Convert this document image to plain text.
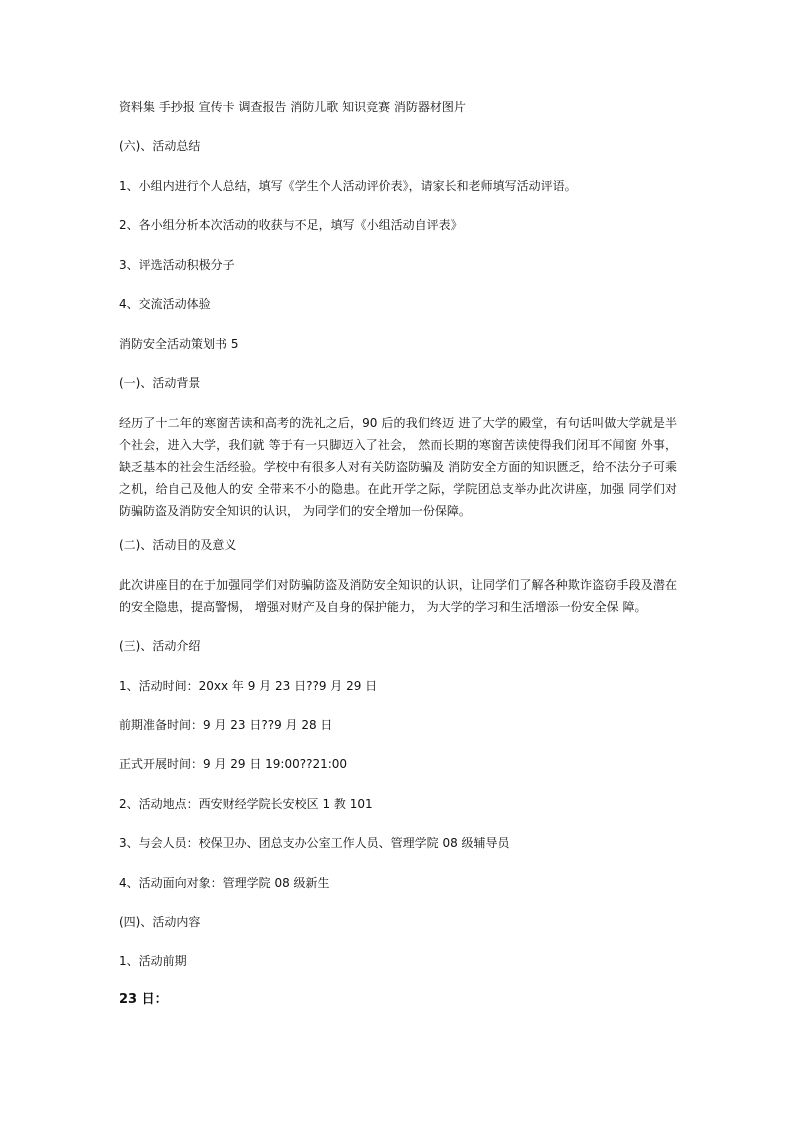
资料集 手抄报 宣传卡 调查报告 消防儿歌 知识竞赛 消防器材图片
(六)、活动总结
1、小组内进行个人总结，填写《学生个人活动评价表》，请家长和老师填写活动评语。
2、各小组分析本次活动的收获与不足，填写《小组活动自评表》
3、评选活动积极分子
4、交流活动体验
消防安全活动策划书 5
(一)、活动背景
经历了十二年的寒窗苦读和高考的洗礼之后，90 后的我们终迈 进了大学的殿堂，有句话叫做大学就是半个社会，进入大学，我们就 等于有一只脚迈入了社会， 然而长期的寒窗苦读使得我们闭耳不闻窗 外事，缺乏基本的社会生活经验。学校中有很多人对有关防盗防骗及 消防安全方面的知识匮乏，给不法分子可乘之机，给自己及他人的安 全带来不小的隐患。在此开学之际，学院团总支举办此次讲座，加强 同学们对防骗防盗及消防安全知识的认识， 为同学们的安全增加一份保障。
(二)、活动目的及意义
此次讲座目的在于加强同学们对防骗防盗及消防安全知识的认识，让同学们了解各种欺诈盗窃手段及潜在的安全隐患，提高警惕， 增强对财产及自身的保护能力， 为大学的学习和生活增添一份安全保 障。
(三)、活动介绍
1、活动时间：20xx 年 9 月 23 日??9 月 29 日
前期准备时间：9 月 23 日??9 月 28 日
正式开展时间：9 月 29 日 19:00??21:00
2、活动地点：西安财经学院长安校区 1 教 101
3、与会人员：校保卫办、团总支办公室工作人员、管理学院 08 级辅导员
4、活动面向对象：管理学院 08 级新生
(四)、活动内容
1、活动前期
23 日：
